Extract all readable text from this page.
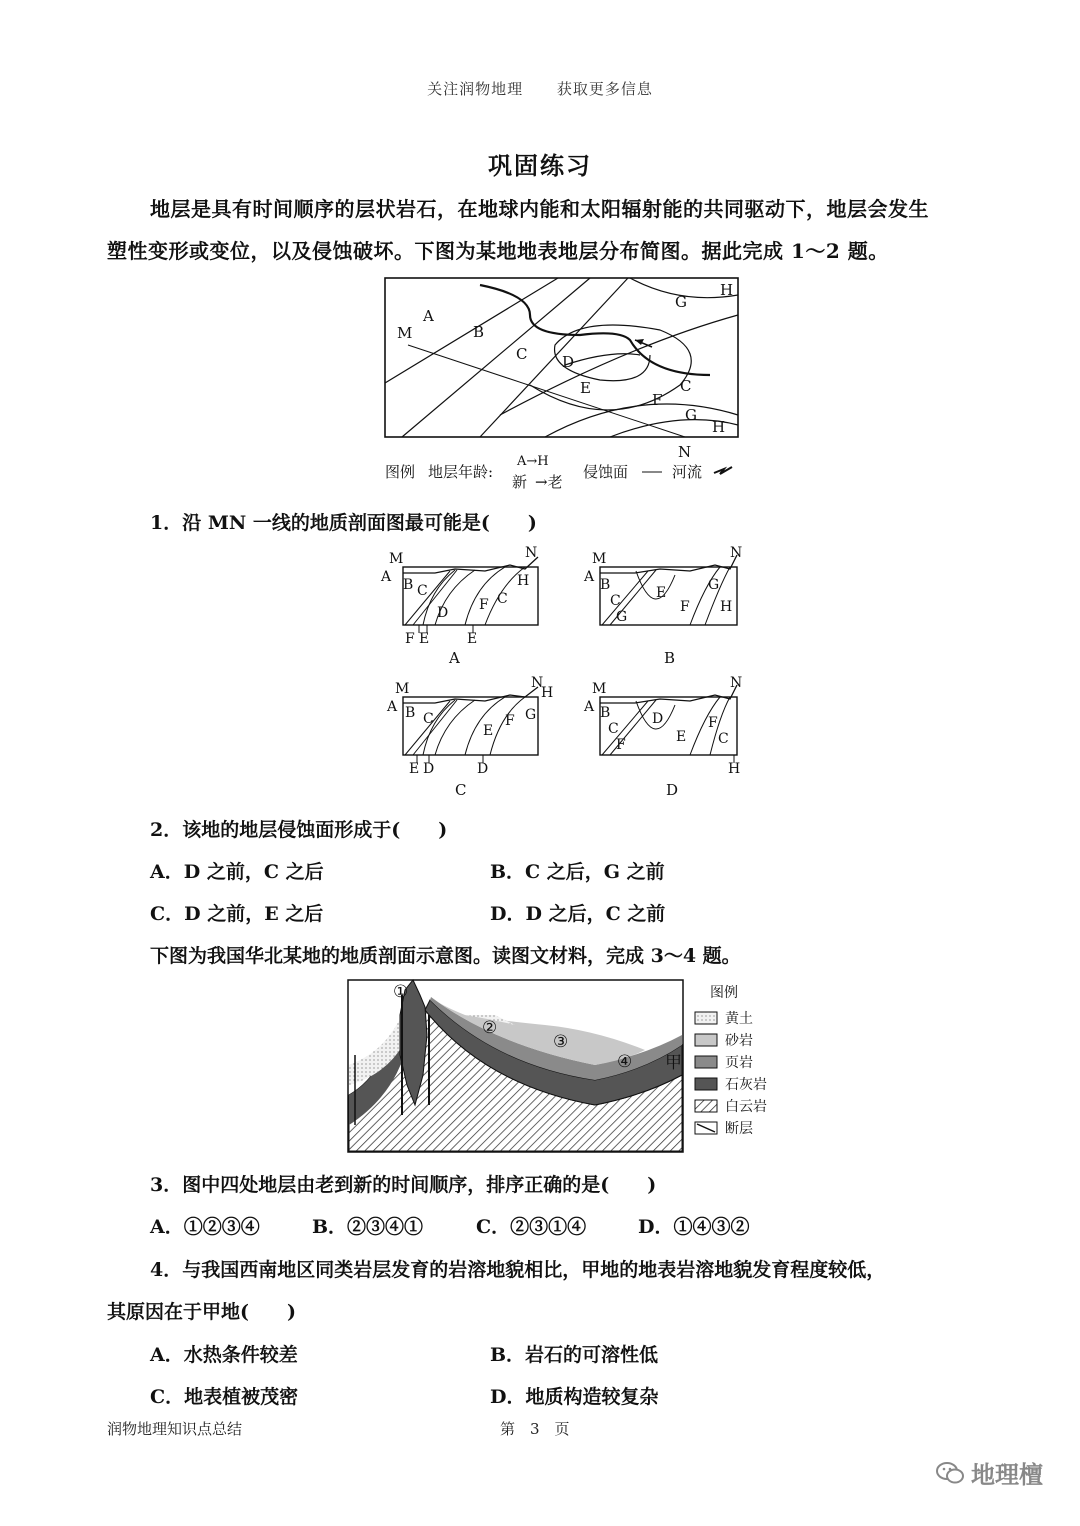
关注润物地理 获取更多信息
巩固练习
地层是具有时间顺序的层状岩石，在地球内能和太阳辐射能的共同驱动下，地层会发生
塑性变形或变位，以及侵蚀破坏。下图为某地地表地层分布简图。据此完成 1～2 题。
M
A
B
C D
E
F
G
H
G
H
C
N
图例 地层年龄:
A→H
新 →老
侵蚀面	河流
1．沿 MN 一线的地质剖面图最可能是(　　)
M	N
A B C
D F C
H
F E	E
A
M	N
A B
C
G
E
F
G
H
B
M	N
A B C
E
F G
H
E D	D
C
M	N
A B
C
F
D
E
F
C
H
D
2．该地的地层侵蚀面形成于(　　)
A．D 之前，C 之后	B．C 之后，G 之前
C．D 之前，E 之后	D．D 之后，C 之前
下图为我国华北某地的地质剖面示意图。读图文材料，完成 3～4 题。
①
②
③
④ 甲
图例
黄土
砂岩
页岩
石灰岩
白云岩
断层
3．图中四处地层由老到新的时间顺序，排序正确的是(　　)
A．①②③④	B．②③④①	C．②③①④	D．①④③②
4．与我国西南地区同类岩层发育的岩溶地貌相比，甲地的地表岩溶地貌发育程度较低，
其原因在于甲地(　　)
A．水热条件较差	B．岩石的可溶性低
C．地表植被茂密	D．地质构造较复杂
润物地理知识点总结	第　3　页
地理檀
